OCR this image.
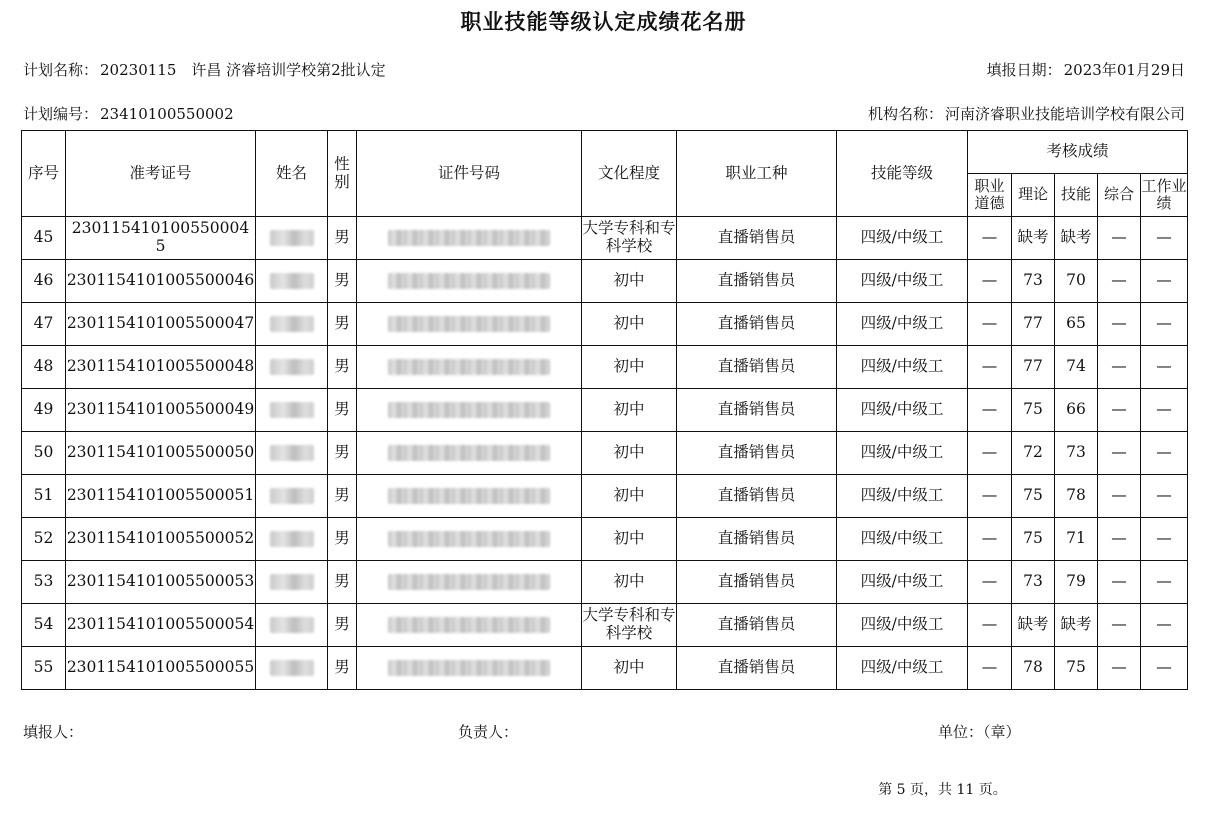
职业技能等级认定成绩花名册
计划名称： 20230115　许昌 济睿培训学校第2批认定	填报日期： 2023年01月29日
计划编号： 23410100550002	机构名称： 河南济睿职业技能培训学校有限公司
序号	准考证号	姓名	性别	证件号码	文化程度	职业工种	技能等级	考核成绩				
								职业道德	理论	技能	综合	工作业绩
45	230115410100550004 5		男		大学专科和专科学校	直播销售员	四级/中级工	—	缺考	缺考	—	—
46	2301154101005500046		男		初中	直播销售员	四级/中级工	—	73	70	—	—
47	2301154101005500047		男		初中	直播销售员	四级/中级工	—	77	65	—	—
48	2301154101005500048		男		初中	直播销售员	四级/中级工	—	77	74	—	—
49	2301154101005500049		男		初中	直播销售员	四级/中级工	—	75	66	—	—
50	2301154101005500050		男		初中	直播销售员	四级/中级工	—	72	73	—	—
51	2301154101005500051		男		初中	直播销售员	四级/中级工	—	75	78	—	—
52	2301154101005500052		男		初中	直播销售员	四级/中级工	—	75	71	—	—
53	2301154101005500053		男		初中	直播销售员	四级/中级工	—	73	79	—	—
54	2301154101005500054		男		大学专科和专科学校	直播销售员	四级/中级工	—	缺考	缺考	—	—
55	2301154101005500055		男		初中	直播销售员	四级/中级工	—	78	75	—	—
填报人：	负责人：	单位：（章）
第 5 页，共 11 页。
